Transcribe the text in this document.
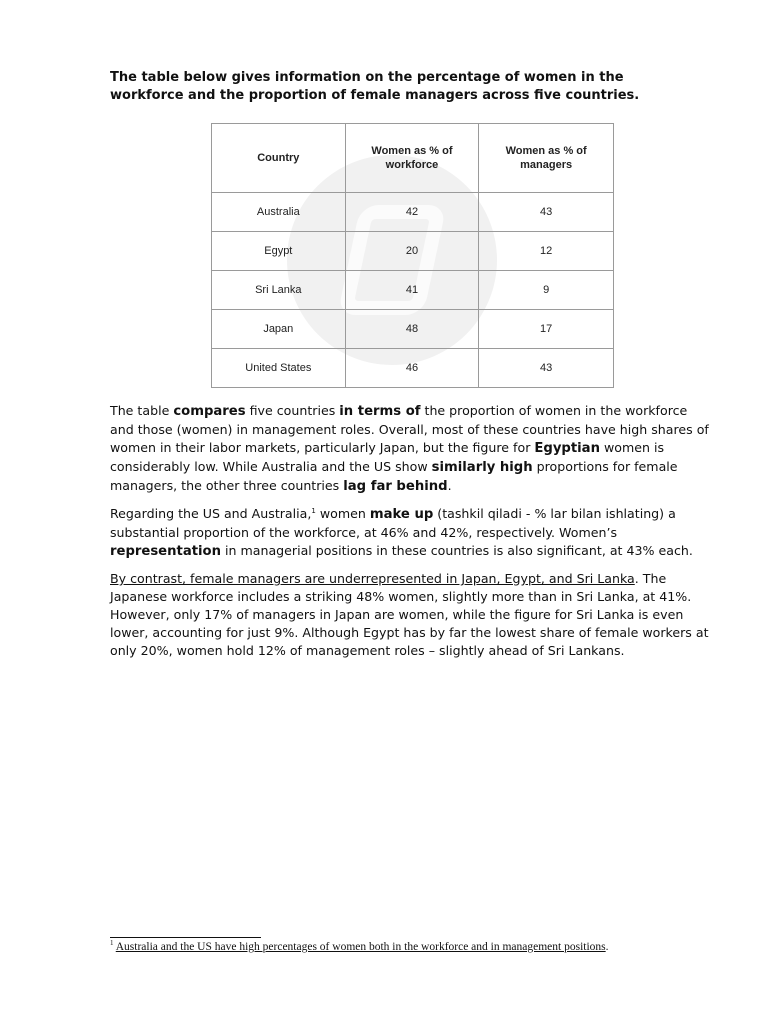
The table below gives information on the percentage of women in the workforce and the proportion of female managers across five countries.

Country	Women as % of workforce	Women as % of managers
Australia	42	43
Egypt	20	12
Sri Lanka	41	9
Japan	48	17
United States	46	43

The table compares five countries in terms of the proportion of women in the workforce and those (women) in management roles. Overall, most of these countries have high shares of women in their labor markets, particularly Japan, but the figure for Egyptian women is considerably low. While Australia and the US show similarly high proportions for female managers, the other three countries lag far behind.

Regarding the US and Australia,$^1$ women make up (tashkil qiladi - % lar bilan ishlating) a substantial proportion of the workforce, at 46% and 42%, respectively. Women’s representation in managerial positions in these countries is also significant, at 43% each.

By contrast, female managers are underrepresented in Japan, Egypt, and Sri Lanka. The Japanese workforce includes a striking 48% women, slightly more than in Sri Lanka, at 41%. However, only 17% of managers in Japan are women, while the figure for Sri Lanka is even lower, accounting for just 9%. Although Egypt has by far the lowest share of female workers at only 20%, women hold 12% of management roles – slightly ahead of Sri Lankans.

$^1$ Australia and the US have high percentages of women both in the workforce and in management positions.
